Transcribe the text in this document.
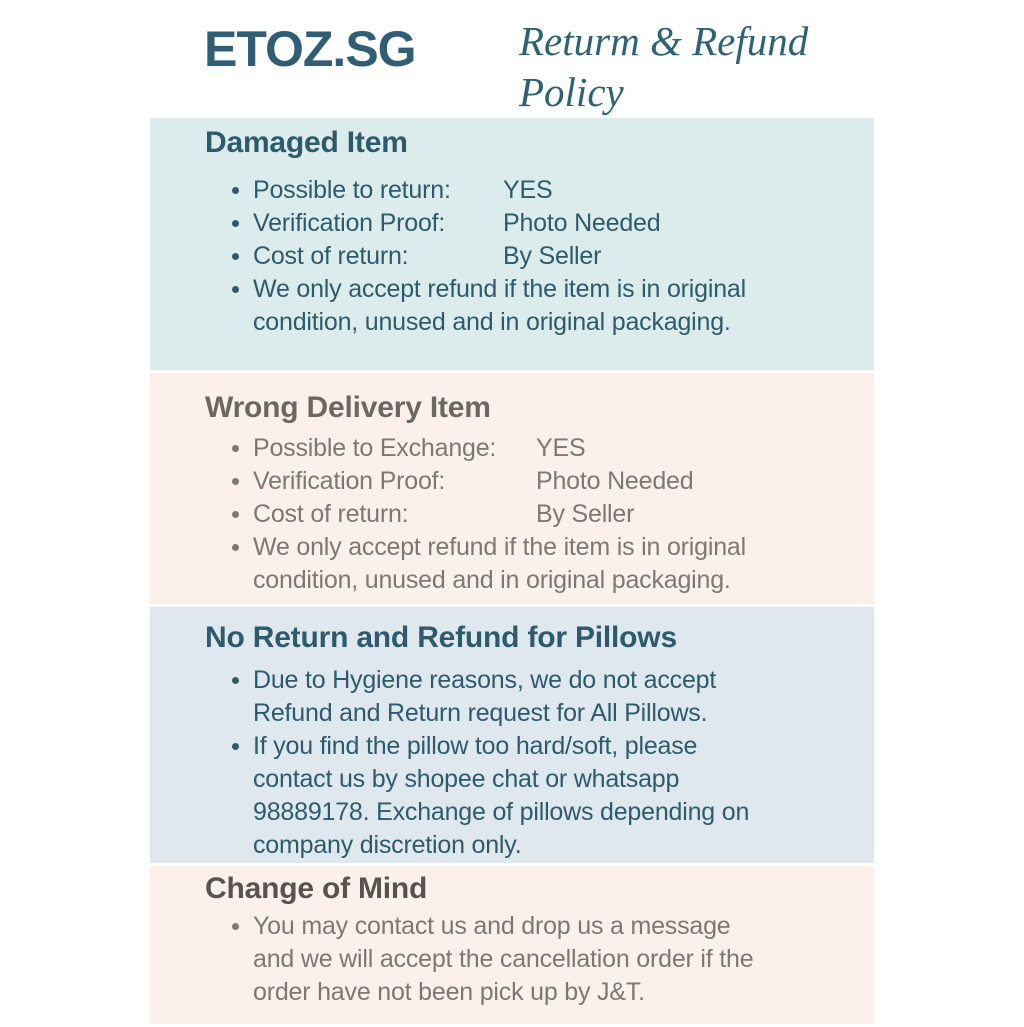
ETOZ.SG	Returm & Refund
Policy
Damaged Item
Possible to return:	YES
Verification Proof:	Photo Needed
Cost of return:	By Seller
We only accept refund if the item is in original condition, unused and in original packaging.
Wrong Delivery Item
Possible to Exchange:	YES
Verification Proof:	Photo Needed
Cost of return:	By Seller
We only accept refund if the item is in original condition, unused and in original packaging.
No Return and Refund for Pillows
Due to Hygiene reasons, we do not accept Refund and Return request for All Pillows.
If you find the pillow too hard/soft, please contact us by shopee chat or whatsapp 98889178. Exchange of pillows depending on company discretion only.
Change of Mind
You may contact us and drop us a message and we will accept the cancellation order if the order have not been pick up by J&T.
